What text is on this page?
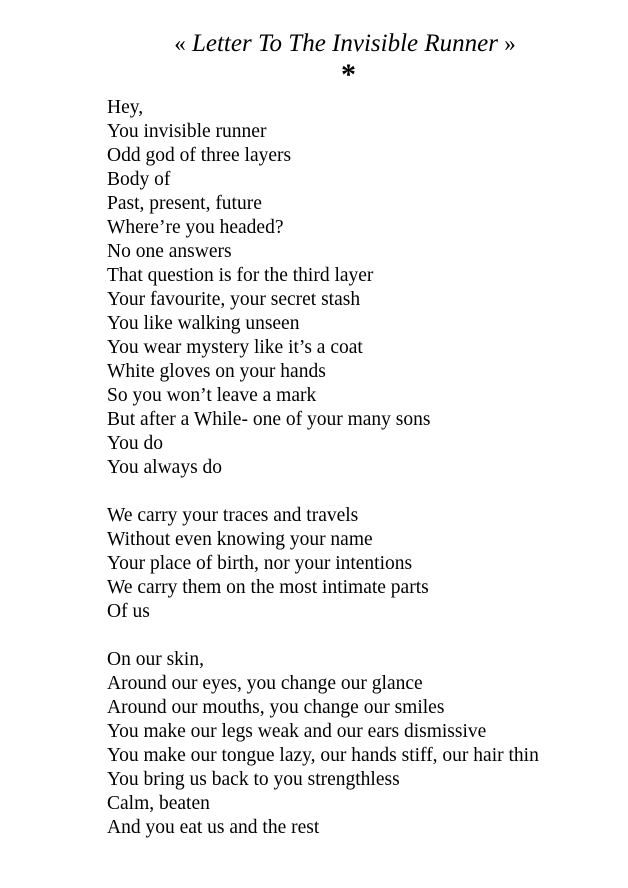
« Letter To The Invisible Runner »
*
Hey,
You invisible runner
Odd god of three layers
Body of
Past, present, future
Where’re you headed?
No one answers
That question is for the third layer
Your favourite, your secret stash
You like walking unseen
You wear mystery like it’s a coat
White gloves on your hands
So you won’t leave a mark
But after a While- one of your many sons
You do
You always do
We carry your traces and travels
Without even knowing your name
Your place of birth, nor your intentions
We carry them on the most intimate parts
Of us
On our skin,
Around our eyes, you change our glance
Around our mouths, you change our smiles
You make our legs weak and our ears dismissive
You make our tongue lazy, our hands stiff, our hair thin
You bring us back to you strengthless
Calm, beaten
And you eat us and the rest
